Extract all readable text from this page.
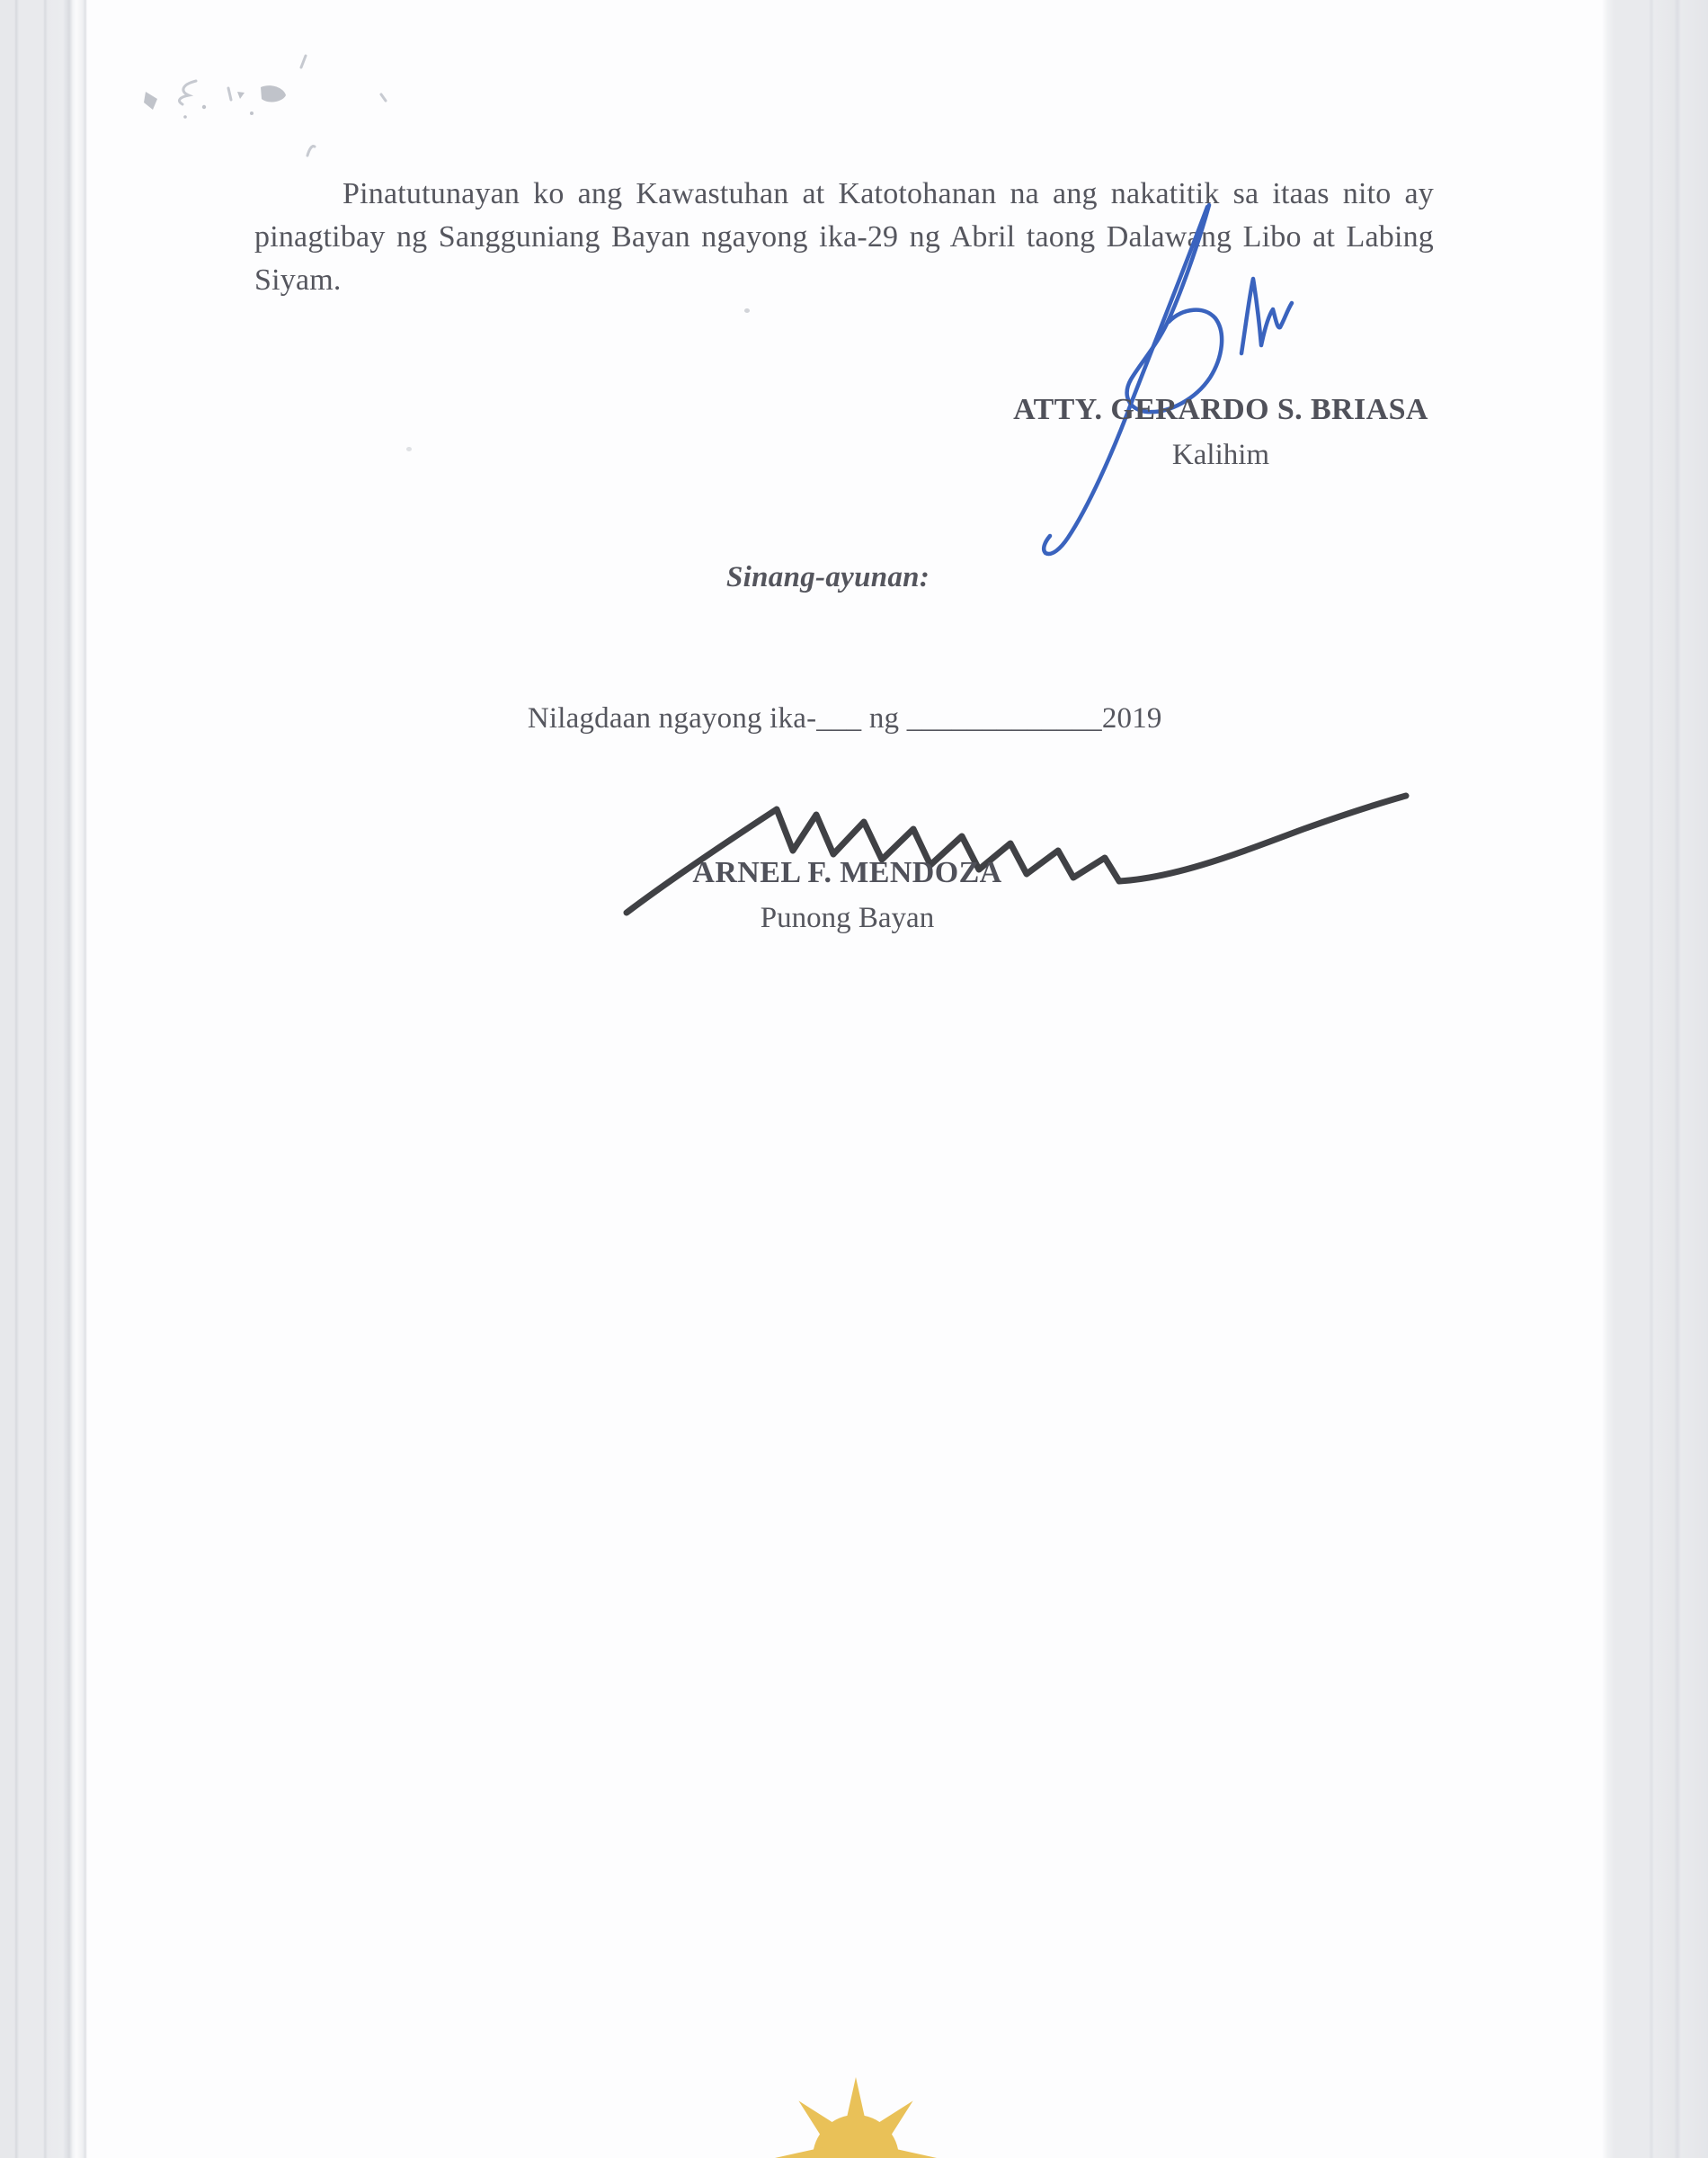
Pinatutunayan ko ang Kawastuhan at Katotohanan na ang nakatitik sa itaas nito ay pinagtibay ng Sangguniang Bayan ngayong ika-29 ng Abril taong Dalawang Libo at Labing Siyam.
ATTY. GERARDO S. BRIASA
Kalihim
Sinang-ayunan:

Nilagdaan ngayong ika-___ ng _____________2019

ARNEL F. MENDOZA
Punong Bayan
